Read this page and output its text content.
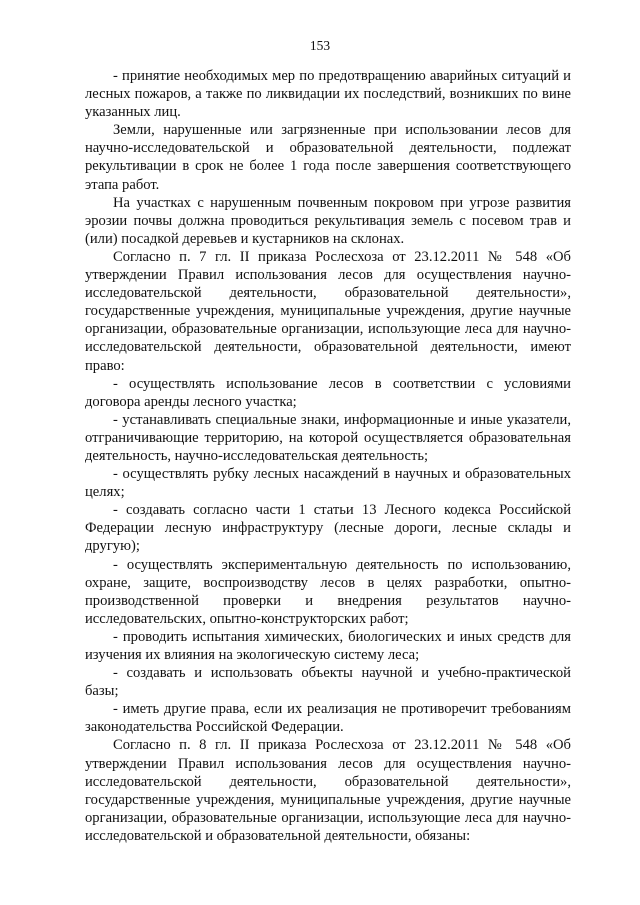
153

- принятие необходимых мер по предотвращению аварийных ситуаций и лесных пожаров, а также по ликвидации их последствий, возникших по вине указанных лиц.

Земли, нарушенные или загрязненные при использовании лесов для научно-исследовательской и образовательной деятельности, подлежат рекультивации в срок не более 1 года после завершения соответствующего этапа работ.

На участках с нарушенным почвенным покровом при угрозе развития эрозии почвы должна проводиться рекультивация земель с посевом трав и (или) посадкой деревьев и кустарников на склонах.

Согласно п. 7 гл. II приказа Рослесхоза от 23.12.2011 № 548 «Об утверждении Правил использования лесов для осуществления научно-исследовательской деятельности, образовательной деятельности», государственные учреждения, муниципальные учреждения, другие научные организации, образовательные организации, использующие леса для научно-исследовательской деятельности, образовательной деятельности, имеют право:

- осуществлять использование лесов в соответствии с условиями договора аренды лесного участка;

- устанавливать специальные знаки, информационные и иные указатели, отграничивающие территорию, на которой осуществляется образовательная деятельность, научно-исследовательская деятельность;

- осуществлять рубку лесных насаждений в научных и образовательных целях;

- создавать согласно части 1 статьи 13 Лесного кодекса Российской Федерации лесную инфраструктуру (лесные дороги, лесные склады и другую);

- осуществлять экспериментальную деятельность по использованию, охране, защите, воспроизводству лесов в целях разработки, опытно-производственной проверки и внедрения результатов научно-исследовательских, опытно-конструкторских работ;

- проводить испытания химических, биологических и иных средств для изучения их влияния на экологическую систему леса;

- создавать и использовать объекты научной и учебно-практической базы;

- иметь другие права, если их реализация не противоречит требованиям законодательства Российской Федерации.

Согласно п. 8 гл. II приказа Рослесхоза от 23.12.2011 № 548 «Об утверждении Правил использования лесов для осуществления научно-исследовательской деятельности, образовательной деятельности», государственные учреждения, муниципальные учреждения, другие научные организации, образовательные организации, использующие леса для научно-исследовательской и образовательной деятельности, обязаны:
